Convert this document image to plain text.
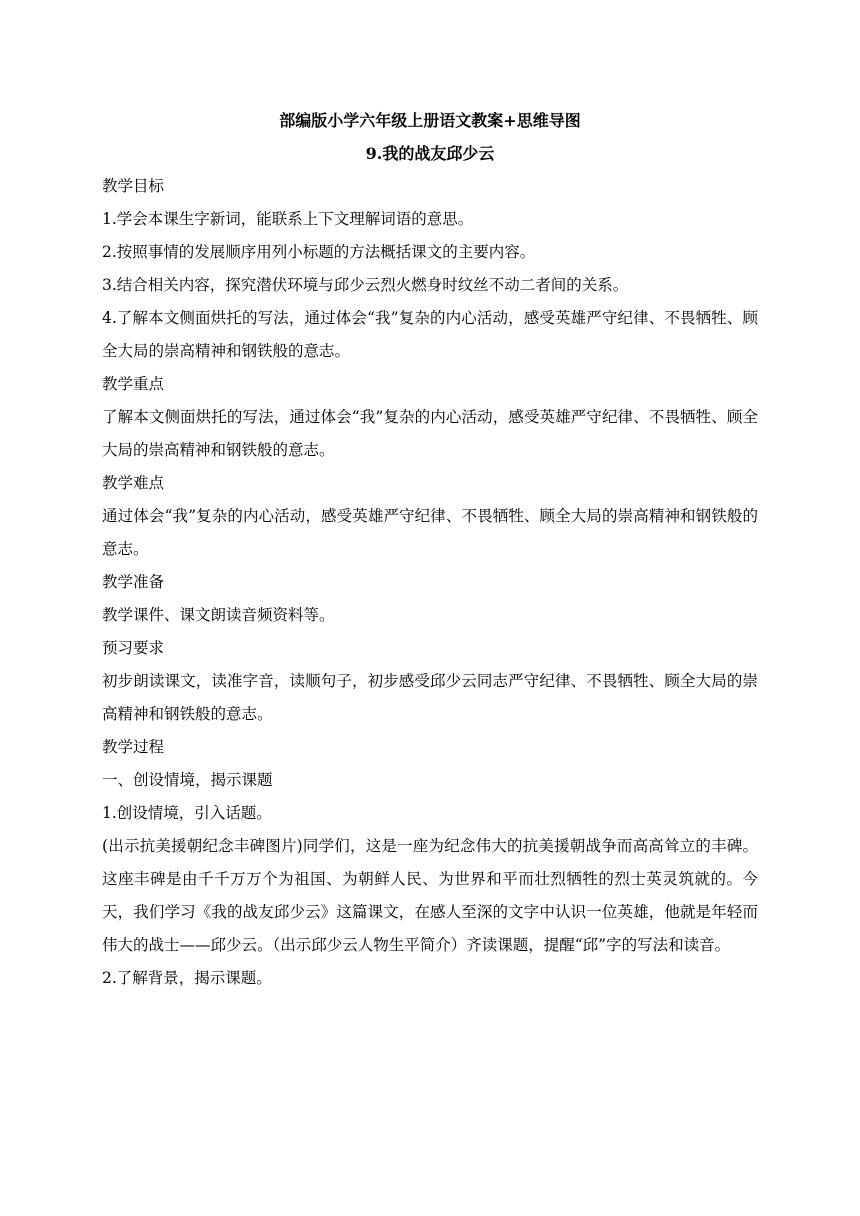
部编版小学六年级上册语文教案+思维导图

9.我的战友邱少云

教学目标

1.学会本课生字新词，能联系上下文理解词语的意思。

2.按照事情的发展顺序用列小标题的方法概括课文的主要内容。

3.结合相关内容，探究潜伏环境与邱少云烈火燃身时纹丝不动二者间的关系。

4.了解本文侧面烘托的写法，通过体会“我”复杂的内心活动，感受英雄严守纪律、不畏牺牲、顾全大局的崇高精神和钢铁般的意志。

教学重点

了解本文侧面烘托的写法，通过体会“我”复杂的内心活动，感受英雄严守纪律、不畏牺牲、顾全大局的崇高精神和钢铁般的意志。

教学难点

通过体会“我”复杂的内心活动，感受英雄严守纪律、不畏牺牲、顾全大局的崇高精神和钢铁般的意志。

教学准备

教学课件、课文朗读音频资料等。

预习要求

初步朗读课文，读准字音，读顺句子，初步感受邱少云同志严守纪律、不畏牺牲、顾全大局的崇高精神和钢铁般的意志。

教学过程

一、创设情境，揭示课题

1.创设情境，引入话题。

(出示抗美援朝纪念丰碑图片)同学们，这是一座为纪念伟大的抗美援朝战争而高高耸立的丰碑。这座丰碑是由千千万万个为祖国、为朝鲜人民、为世界和平而壮烈牺牲的烈士英灵筑就的。今天，我们学习《我的战友邱少云》这篇课文，在感人至深的文字中认识一位英雄，他就是年轻而伟大的战士——邱少云。（出示邱少云人物生平简介）齐读课题，提醒“邱”字的写法和读音。

2.了解背景，揭示课题。
